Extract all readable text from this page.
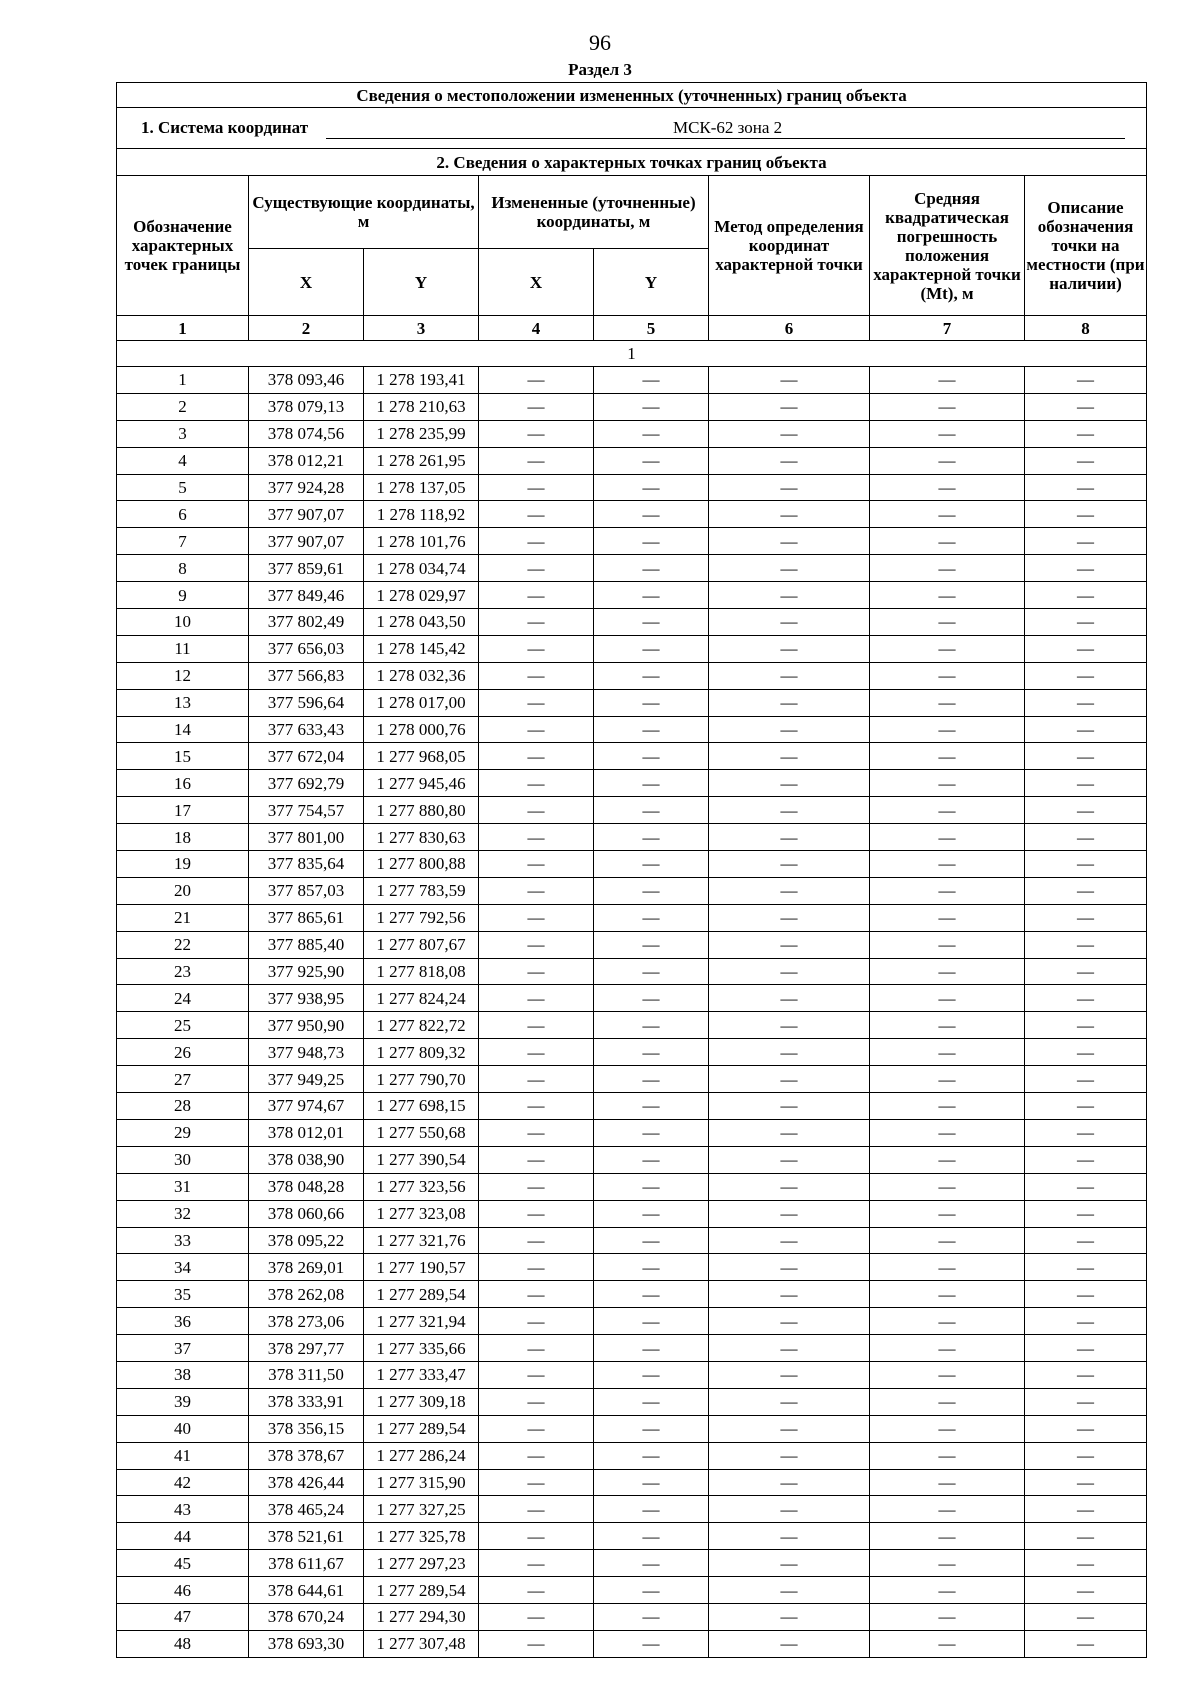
96
Раздел 3
Сведения о местоположении измененных (уточненных) границ объекта							
1. Система координат МСК-62 зона 2							
2. Сведения о характерных точках границ объекта							
Обозначение характерных точек границы	Существующие координаты, м		Измененные (уточненные) координаты, м		Метод определения координат характерной точки	Средняя квадратическая погрешность положения характерной точки (Mt), м	Описание обозначения точки на местности (при наличии)
	X	Y	X	Y			
1	2	3	4	5	6	7	8
1							
1	378 093,46	1 278 193,41	—	—	—	—	—
2	378 079,13	1 278 210,63	—	—	—	—	—
3	378 074,56	1 278 235,99	—	—	—	—	—
4	378 012,21	1 278 261,95	—	—	—	—	—
5	377 924,28	1 278 137,05	—	—	—	—	—
6	377 907,07	1 278 118,92	—	—	—	—	—
7	377 907,07	1 278 101,76	—	—	—	—	—
8	377 859,61	1 278 034,74	—	—	—	—	—
9	377 849,46	1 278 029,97	—	—	—	—	—
10	377 802,49	1 278 043,50	—	—	—	—	—
11	377 656,03	1 278 145,42	—	—	—	—	—
12	377 566,83	1 278 032,36	—	—	—	—	—
13	377 596,64	1 278 017,00	—	—	—	—	—
14	377 633,43	1 278 000,76	—	—	—	—	—
15	377 672,04	1 277 968,05	—	—	—	—	—
16	377 692,79	1 277 945,46	—	—	—	—	—
17	377 754,57	1 277 880,80	—	—	—	—	—
18	377 801,00	1 277 830,63	—	—	—	—	—
19	377 835,64	1 277 800,88	—	—	—	—	—
20	377 857,03	1 277 783,59	—	—	—	—	—
21	377 865,61	1 277 792,56	—	—	—	—	—
22	377 885,40	1 277 807,67	—	—	—	—	—
23	377 925,90	1 277 818,08	—	—	—	—	—
24	377 938,95	1 277 824,24	—	—	—	—	—
25	377 950,90	1 277 822,72	—	—	—	—	—
26	377 948,73	1 277 809,32	—	—	—	—	—
27	377 949,25	1 277 790,70	—	—	—	—	—
28	377 974,67	1 277 698,15	—	—	—	—	—
29	378 012,01	1 277 550,68	—	—	—	—	—
30	378 038,90	1 277 390,54	—	—	—	—	—
31	378 048,28	1 277 323,56	—	—	—	—	—
32	378 060,66	1 277 323,08	—	—	—	—	—
33	378 095,22	1 277 321,76	—	—	—	—	—
34	378 269,01	1 277 190,57	—	—	—	—	—
35	378 262,08	1 277 289,54	—	—	—	—	—
36	378 273,06	1 277 321,94	—	—	—	—	—
37	378 297,77	1 277 335,66	—	—	—	—	—
38	378 311,50	1 277 333,47	—	—	—	—	—
39	378 333,91	1 277 309,18	—	—	—	—	—
40	378 356,15	1 277 289,54	—	—	—	—	—
41	378 378,67	1 277 286,24	—	—	—	—	—
42	378 426,44	1 277 315,90	—	—	—	—	—
43	378 465,24	1 277 327,25	—	—	—	—	—
44	378 521,61	1 277 325,78	—	—	—	—	—
45	378 611,67	1 277 297,23	—	—	—	—	—
46	378 644,61	1 277 289,54	—	—	—	—	—
47	378 670,24	1 277 294,30	—	—	—	—	—
48	378 693,30	1 277 307,48	—	—	—	—	—
